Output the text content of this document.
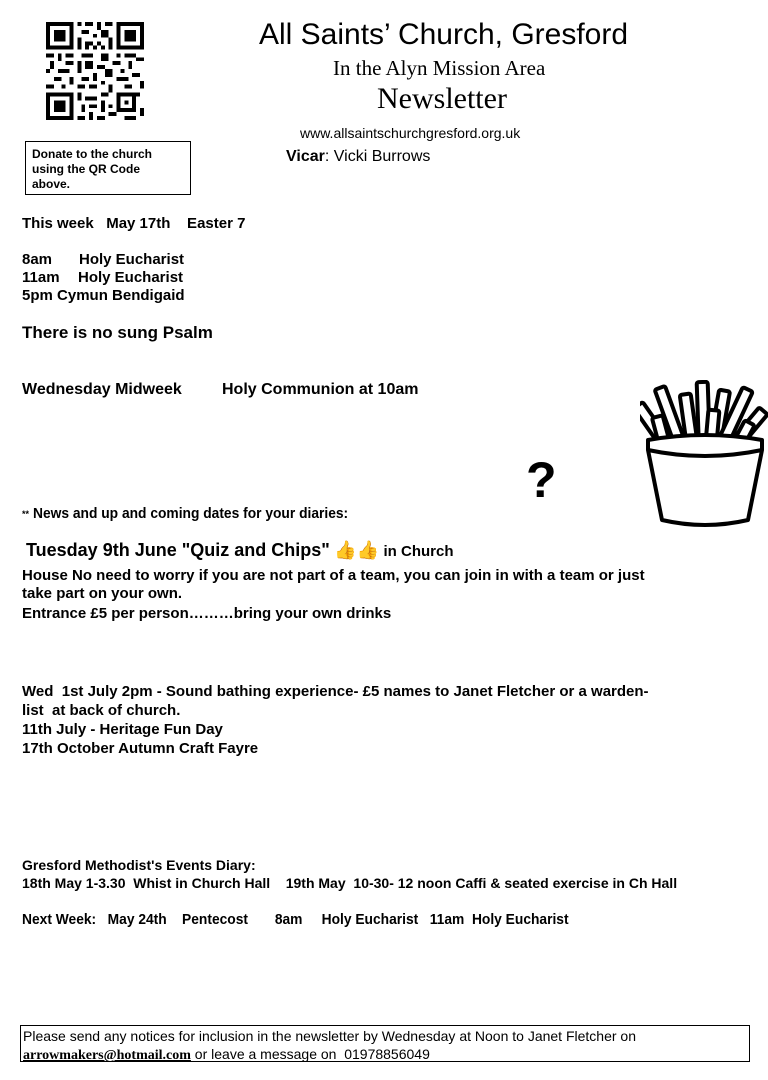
All Saints’ Church, Gresford
In the Alyn Mission Area
Newsletter
www.allsaintschurchgresford.org.uk
Vicar: Vicki Burrows
Donate to the church
using the QR Code
above.
This week   May 17th    Easter 7
8am Holy Eucharist
11am Holy Eucharist
5pm Cymun Bendigaid
There is no sung Psalm
Wednesday Midweek	Holy Communion at 10am
?
** News and up and coming dates for your diaries:
Tuesday 9th June "Quiz and Chips" 👍👍 in Church
House No need to worry if you are not part of a team, you can join in with a team or just
take part on your own.
Entrance £5 per person………bring your own drinks
Wed  1st July 2pm - Sound bathing experience- £5 names to Janet Fletcher or a warden-
list  at back of church.
11th July - Heritage Fun Day
17th October Autumn Craft Fayre
Gresford Methodist's Events Diary:
18th May 1-3.30  Whist in Church Hall    19th May  10-30- 12 noon Caffi & seated exercise in Ch Hall
Next Week:   May 24th    Pentecost       8am     Holy Eucharist   11am  Holy Eucharist
Please send any notices for inclusion in the newsletter by Wednesday at Noon to Janet Fletcher on
arrowmakers@hotmail.com or leave a message on  01978856049
